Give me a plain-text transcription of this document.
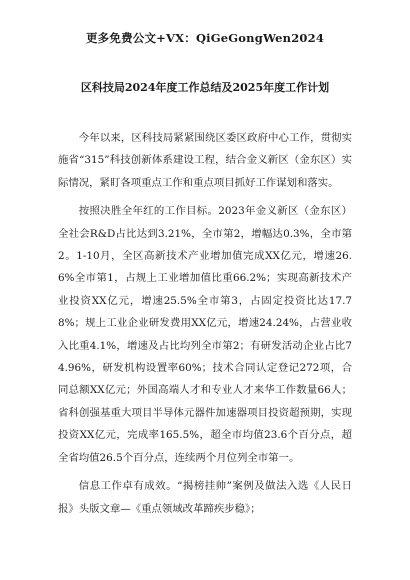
更多免费公文+VX：QiGeGongWen2024
区科技局2024年度工作总结及2025年度工作计划

今年以来，区科技局紧紧围绕区委区政府中心工作，贯彻实施省“315”科技创新体系建设工程，结合金义新区（金东区）实际情况，紧盯各项重点工作和重点项目抓好工作谋划和落实。

按照决胜全年红的工作目标。2023年金义新区（金东区）全社会R&D占比达到3.21%，全市第2，增幅达0.3%，全市第2。1-10月，全区高新技术产业增加值完成XX亿元，增速26.6%全市第1，占规上工业增加值比重66.2%；实现高新技术产业投资XX亿元，增速25.5%全市第3，占固定投资比达17.78%；规上工业企业研发费用XX亿元，增速24.24%，占营业收入比重4.1%，增速及占比均列全市第2；有研发活动企业占比74.96%，研发机构设置率60%；技术合同认定登记272项，合同总额XX亿元；外国高端人才和专业人才来华工作数量66人；省科创强基重大项目半导体元器件加速器项目投资超预期，实现投资XX亿元，完成率165.5%，超全市均值23.6个百分点，超全省均值26.5个百分点，连续两个月位列全市第一。

信息工作卓有成效。“揭榜挂帅”案例及做法入选《人民日报》头版文章—《重点领域改革蹄疾步稳》；
